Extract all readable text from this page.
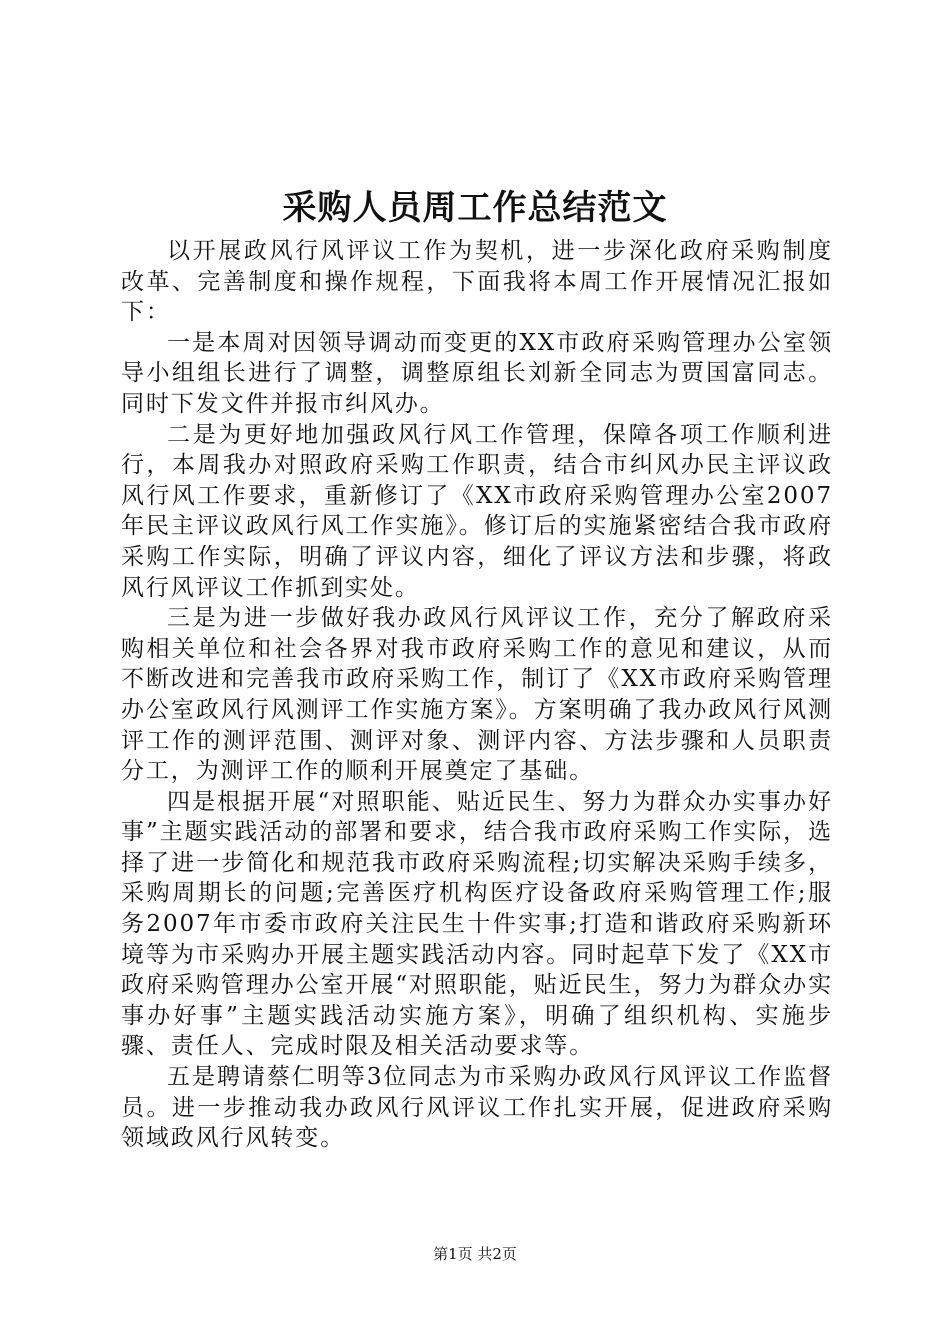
采购人员周工作总结范文

以开展政风行风评议工作为契机，进一步深化政府采购制度改革、完善制度和操作规程，下面我将本周工作开展情况汇报如下：

一是本周对因领导调动而变更的XX市政府采购管理办公室领导小组组长进行了调整，调整原组长刘新全同志为贾国富同志。同时下发文件并报市纠风办。

二是为更好地加强政风行风工作管理，保障各项工作顺利进行，本周我办对照政府采购工作职责，结合市纠风办民主评议政风行风工作要求，重新修订了《XX市政府采购管理办公室2007年民主评议政风行风工作实施》。修订后的实施紧密结合我市政府采购工作实际，明确了评议内容，细化了评议方法和步骤，将政风行风评议工作抓到实处。

三是为进一步做好我办政风行风评议工作，充分了解政府采购相关单位和社会各界对我市政府采购工作的意见和建议，从而不断改进和完善我市政府采购工作，制订了《XX市政府采购管理办公室政风行风测评工作实施方案》。方案明确了我办政风行风测评工作的测评范围、测评对象、测评内容、方法步骤和人员职责分工，为测评工作的顺利开展奠定了基础。

四是根据开展“对照职能、贴近民生、努力为群众办实事办好事”主题实践活动的部署和要求，结合我市政府采购工作实际，选择了进一步简化和规范我市政府采购流程;切实解决采购手续多，采购周期长的问题;完善医疗机构医疗设备政府采购管理工作;服务2007年市委市政府关注民生十件实事;打造和谐政府采购新环境等为市采购办开展主题实践活动内容。同时起草下发了《XX市政府采购管理办公室开展“对照职能，贴近民生，努力为群众办实事办好事”主题实践活动实施方案》，明确了组织机构、实施步骤、责任人、完成时限及相关活动要求等。

五是聘请蔡仁明等3位同志为市采购办政风行风评议工作监督员。进一步推动我办政风行风评议工作扎实开展，促进政府采购领域政风行风转变。

第1页 共2页
